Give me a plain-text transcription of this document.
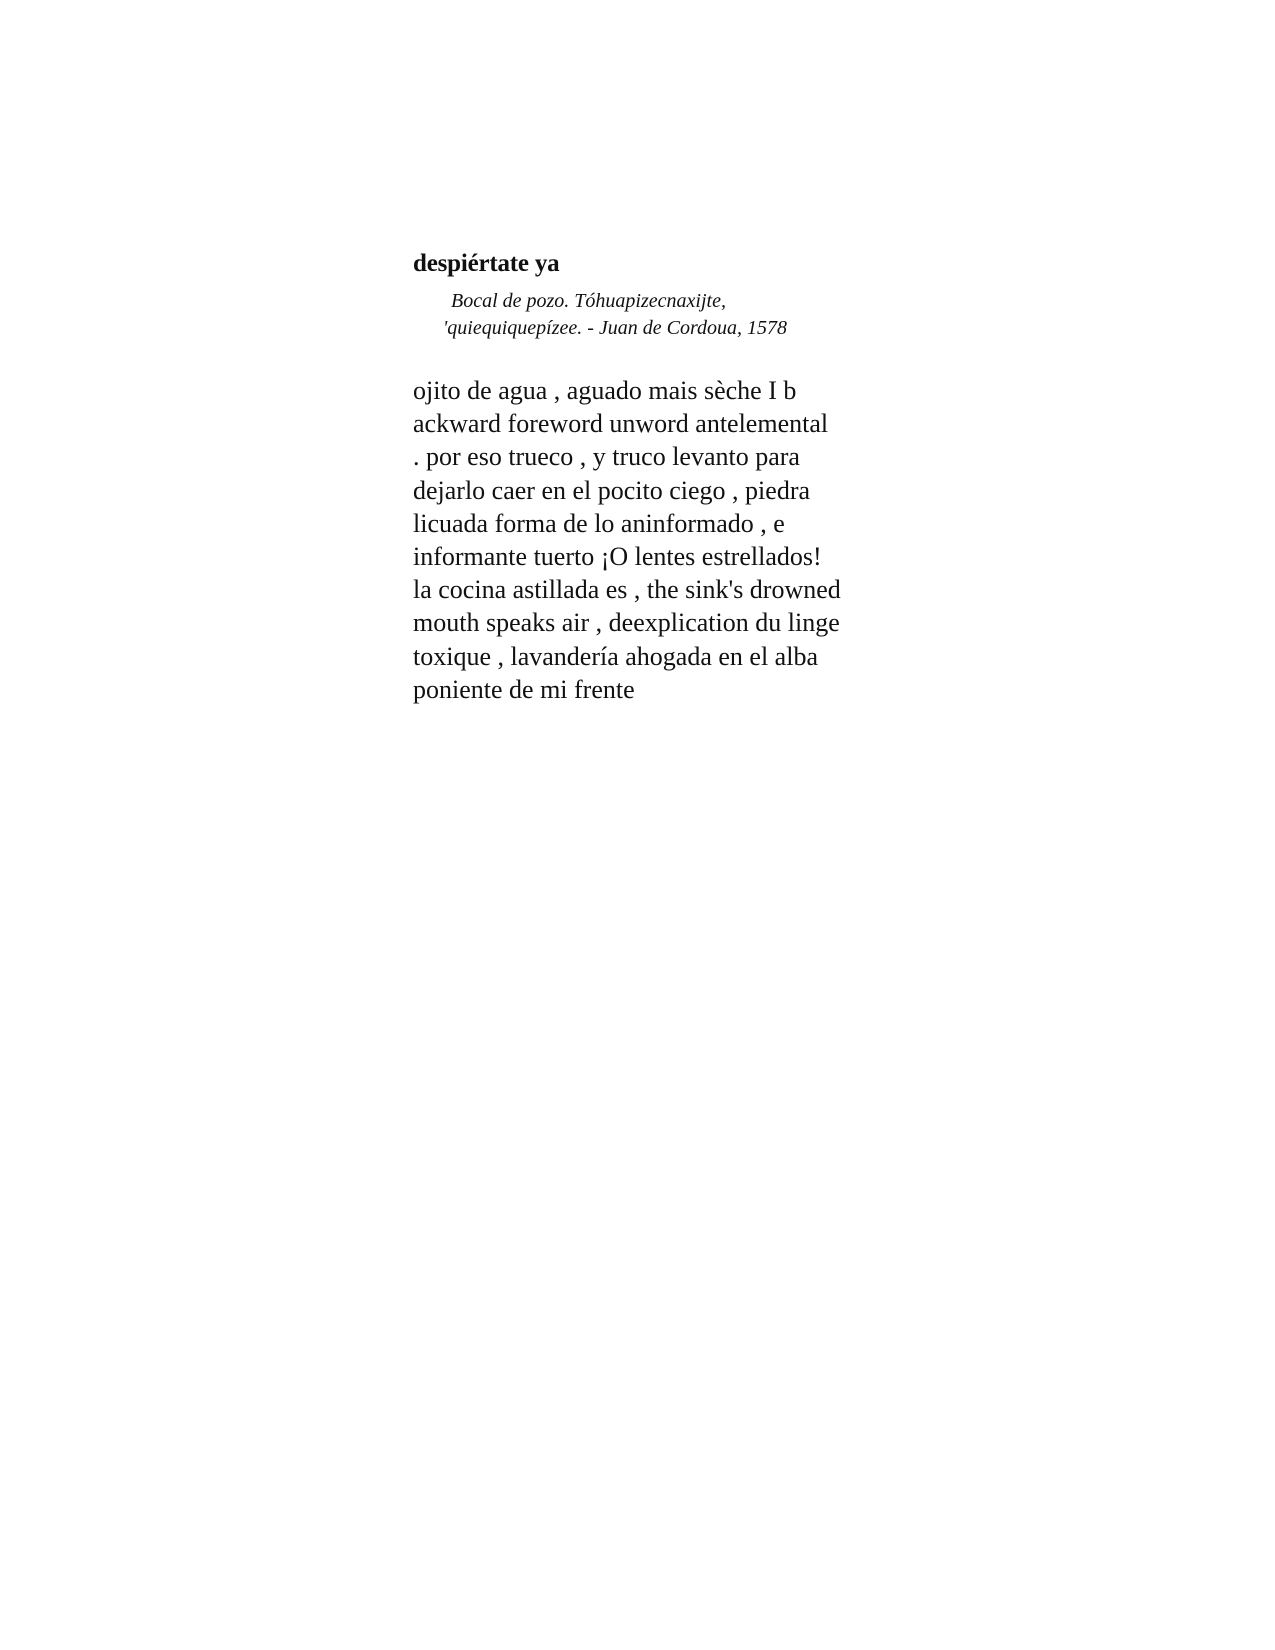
despiértate ya
Bocal de pozo. Tóhuapizecnaxijte,
'quiequiquepízee. - Juan de Cordoua, 1578
ojito de agua , aguado mais sèche I b
ackward foreword unword antelemental
. por eso trueco , y truco levanto para
dejarlo caer en el pocito ciego , piedra
licuada forma de lo aninformado , e
informante tuerto ¡O lentes estrellados!
la cocina astillada es , the sink's drowned
mouth speaks air , deexplication du linge
toxique , lavandería ahogada en el alba
poniente de mi frente
